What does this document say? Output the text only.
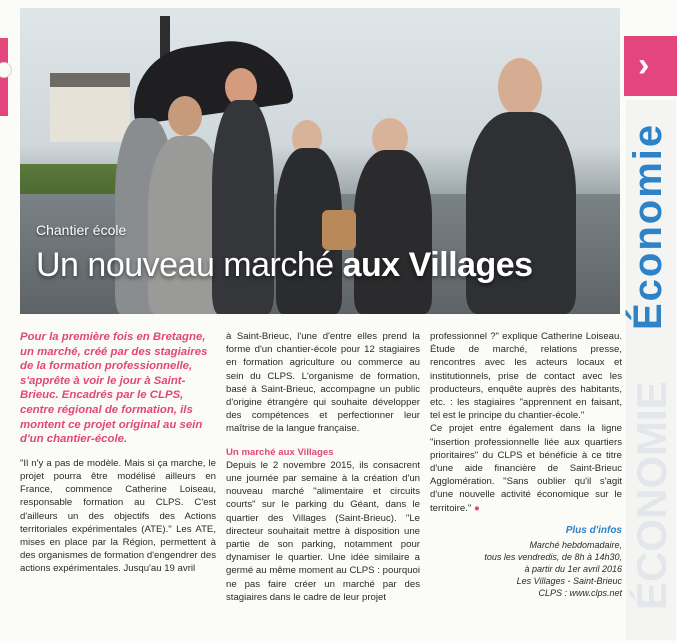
›
Économie
ÉCONOMIE
Chantier école
Un nouveau marché aux Villages

Pour la première fois en Bretagne, un marché, créé par des stagiaires de la formation professionnelle, s'apprête à voir le jour à Saint-Brieuc. Encadrés par le CLPS, centre régional de formation, ils montent ce projet original au sein d'un chantier-école.

"Il n'y a pas de modèle. Mais si ça marche, le projet pourra être modélisé ailleurs en France, commence Catherine Loiseau, responsable formation au CLPS. C'est d'ailleurs un des objectifs des Actions territoriales expérimentales (ATE)." Les ATE, mises en place par la Région, permettent à des organismes de formation d'engendrer des actions expérimentales. Jusqu'au 19 avril

à Saint-Brieuc, l'une d'entre elles prend la forme d'un chantier-école pour 12 stagiaires en formation agriculture ou commerce au sein du CLPS. L'organisme de formation, basé à Saint-Brieuc, accompagne un public d'origine étrangère qui souhaite développer des compétences et perfectionner leur maîtrise de la langue française.

Un marché aux Villages

Depuis le 2 novembre 2015, ils consacrent une journée par semaine à la création d'un nouveau marché "alimentaire et circuits courts" sur le parking du Géant, dans le quartier des Villages (Saint-Brieuc). "Le directeur souhaitait mettre à disposition une partie de son parking, notamment pour dynamiser le quartier. Une idée similaire a germé au même moment au CLPS : pourquoi ne pas faire créer un marché par des stagiaires dans le cadre de leur projet

professionnel ?" explique Catherine Loiseau. Étude de marché, relations presse, rencontres avec les acteurs locaux et institutionnels, prise de contact avec les producteurs, enquête auprès des habitants, etc. : les stagiaires "apprennent en faisant, tel est le principe du chantier-école."

Ce projet entre également dans la ligne "insertion professionnelle liée aux quartiers prioritaires" du CLPS et bénéficie à ce titre d'une aide financière de Saint-Brieuc Agglomération. "Sans oublier qu'il s'agit d'une nouvelle activité économique sur le territoire." ●

Plus d'infos
Marché hebdomadaire,
tous les vendredis, de 8h à 14h30,
à partir du 1er avril 2016
Les Villages - Saint-Brieuc
CLPS : www.clps.net
